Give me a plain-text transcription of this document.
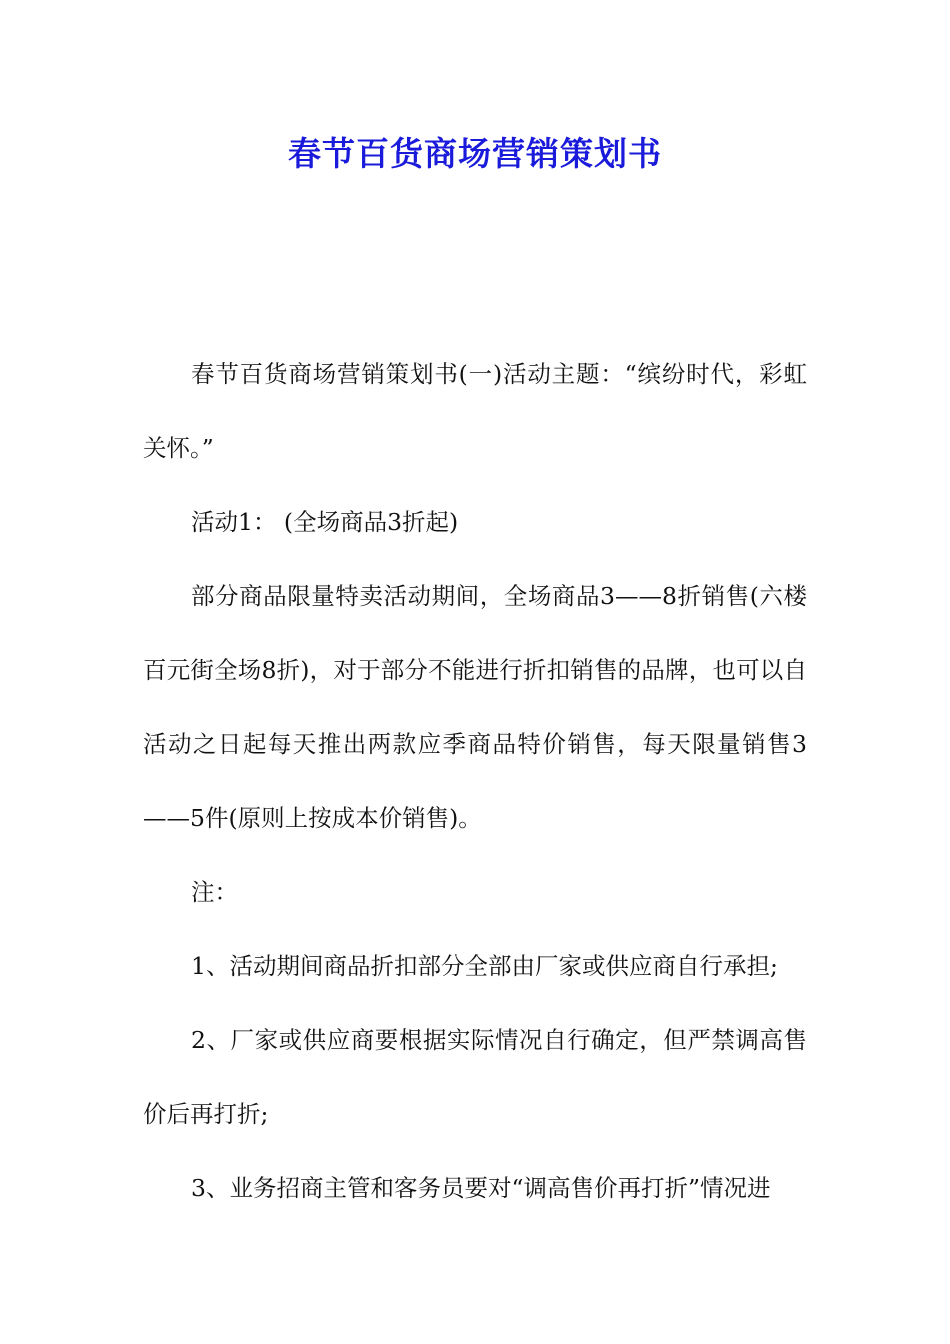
春节百货商场营销策划书

春节百货商场营销策划书(一)活动主题：“缤纷时代，彩虹关怀。”

活动1： (全场商品3折起)

部分商品限量特卖活动期间，全场商品3——8折销售(六楼百元街全场8折)，对于部分不能进行折扣销售的品牌，也可以自活动之日起每天推出两款应季商品特价销售，每天限量销售3——5件(原则上按成本价销售)。

注：

1、活动期间商品折扣部分全部由厂家或供应商自行承担;

2、厂家或供应商要根据实际情况自行确定，但严禁调高售价后再打折;

3、业务招商主管和客务员要对“调高售价再打折”情况进
